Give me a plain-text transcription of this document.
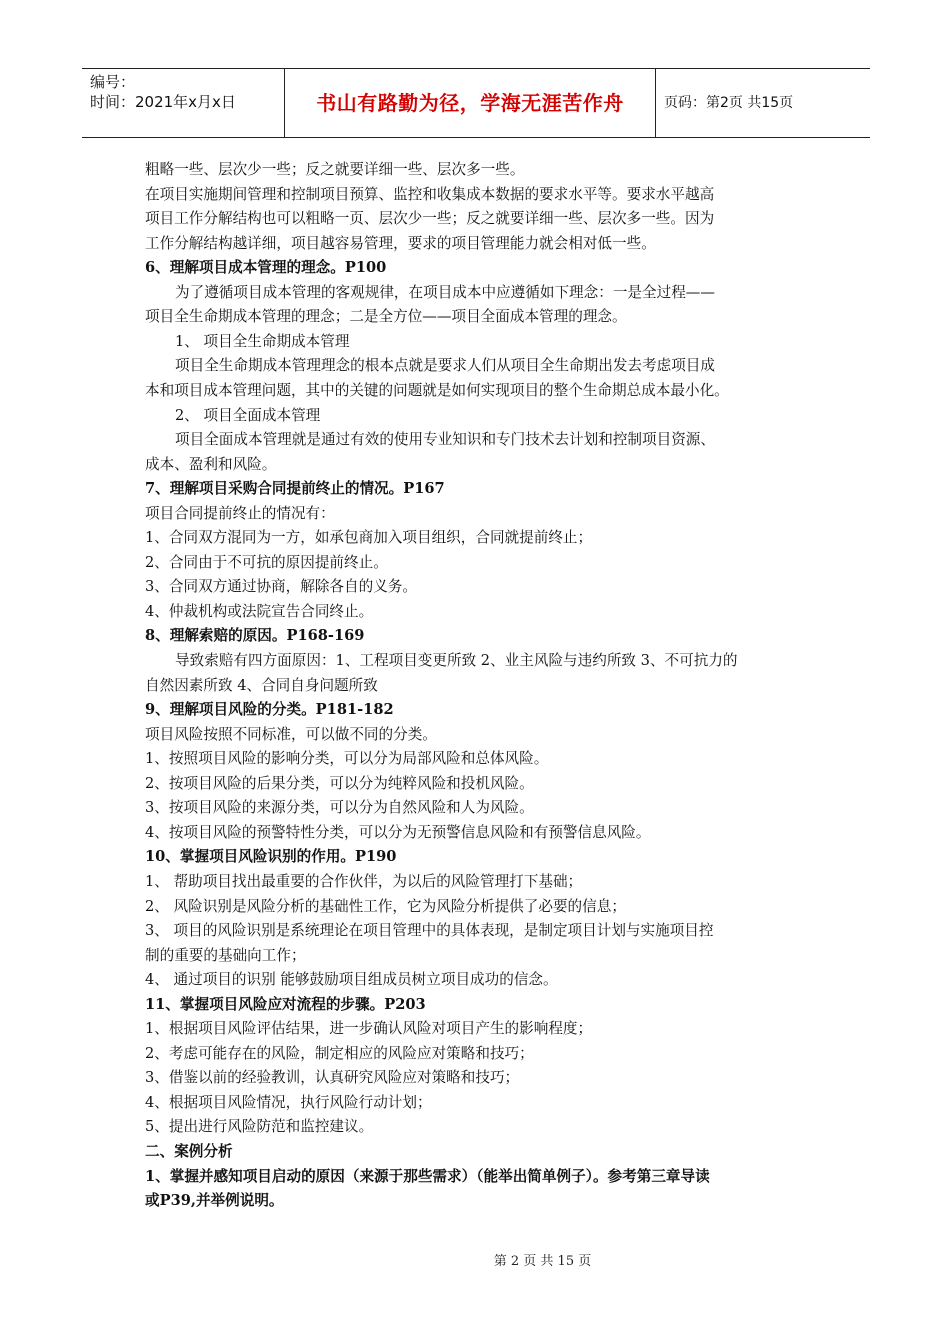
编号：
时间：2021年x月x日	书山有路勤为径，学海无涯苦作舟	页码：第2页 共15页
粗略一些、层次少一些；反之就要详细一些、层次多一些。
在项目实施期间管理和控制项目预算、监控和收集成本数据的要求水平等。要求水平越高
项目工作分解结构也可以粗略一页、层次少一些；反之就要详细一些、层次多一些。因为
工作分解结构越详细，项目越容易管理，要求的项目管理能力就会相对低一些。
6、理解项目成本管理的理念。P100
为了遵循项目成本管理的客观规律，在项目成本中应遵循如下理念：一是全过程——
项目全生命期成本管理的理念；二是全方位——项目全面成本管理的理念。
1、 项目全生命期成本管理
项目全生命期成本管理理念的根本点就是要求人们从项目全生命期出发去考虑项目成
本和项目成本管理问题，其中的关键的问题就是如何实现项目的整个生命期总成本最小化。
2、 项目全面成本管理
项目全面成本管理就是通过有效的使用专业知识和专门技术去计划和控制项目资源、
成本、盈利和风险。
7、理解项目采购合同提前终止的情况。P167
项目合同提前终止的情况有：
1、合同双方混同为一方，如承包商加入项目组织，合同就提前终止；
2、合同由于不可抗的原因提前终止。
3、合同双方通过协商，解除各自的义务。
4、仲裁机构或法院宣告合同终止。
8、理解索赔的原因。P168-169
导致索赔有四方面原因：1、工程项目变更所致 2、业主风险与违约所致 3、不可抗力的
自然因素所致 4、合同自身问题所致
9、理解项目风险的分类。P181-182
项目风险按照不同标准，可以做不同的分类。
1、按照项目风险的影响分类，可以分为局部风险和总体风险。
2、按项目风险的后果分类，可以分为纯粹风险和投机风险。
3、按项目风险的来源分类，可以分为自然风险和人为风险。
4、按项目风险的预警特性分类，可以分为无预警信息风险和有预警信息风险。
10、掌握项目风险识别的作用。P190
1、 帮助项目找出最重要的合作伙伴，为以后的风险管理打下基础；
2、 风险识别是风险分析的基础性工作，它为风险分析提供了必要的信息；
3、 项目的风险识别是系统理论在项目管理中的具体表现，是制定项目计划与实施项目控
制的重要的基础向工作；
4、 通过项目的识别 能够鼓励项目组成员树立项目成功的信念。
11、掌握项目风险应对流程的步骤。P203
1、根据项目风险评估结果，进一步确认风险对项目产生的影响程度；
2、考虑可能存在的风险，制定相应的风险应对策略和技巧；
3、借鉴以前的经验教训，认真研究风险应对策略和技巧；
4、根据项目风险情况，执行风险行动计划；
5、提出进行风险防范和监控建议。
二、案例分析
1、掌握并感知项目启动的原因（来源于那些需求）（能举出简单例子）。参考第三章导读
或P39,并举例说明。
第 2 页 共 15 页
